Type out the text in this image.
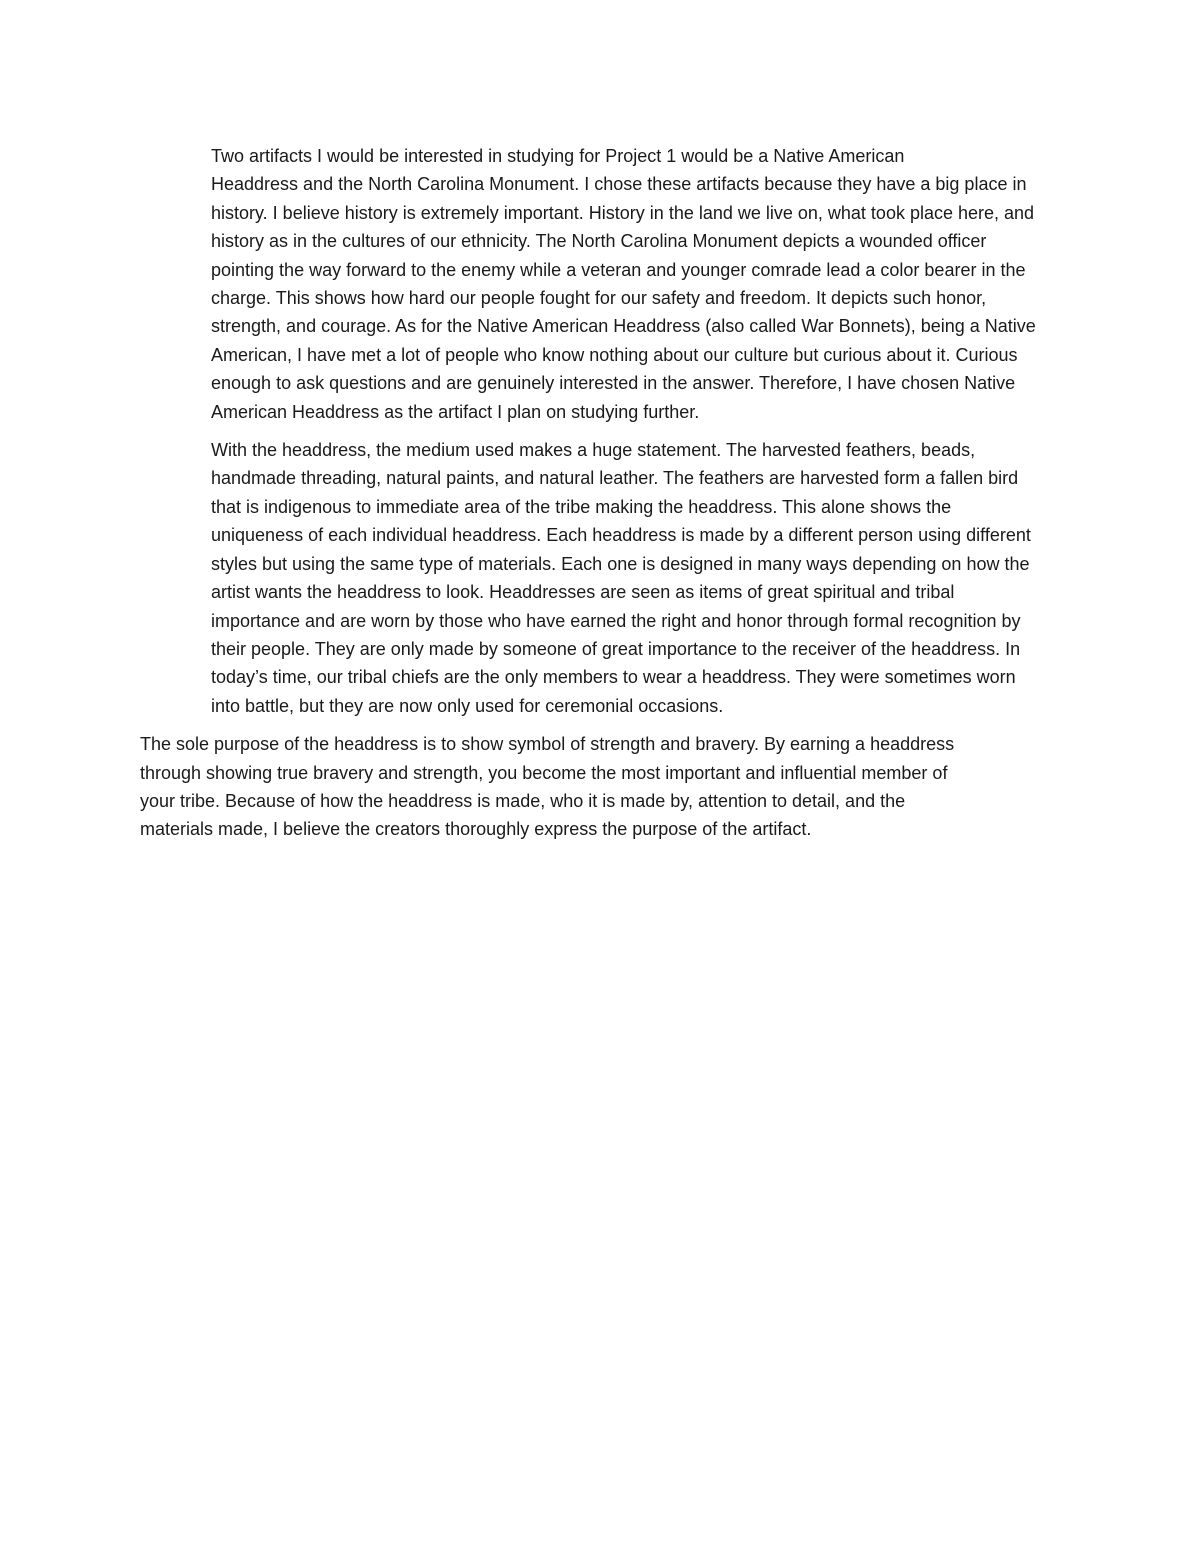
Two artifacts I would be interested in studying for Project 1 would be a Native American
Headdress and the North Carolina Monument. I chose these artifacts because they have a big place in
history. I believe history is extremely important. History in the land we live on, what took place here, and
history as in the cultures of our ethnicity. The North Carolina Monument depicts a wounded officer
pointing the way forward to the enemy while a veteran and younger comrade lead a color bearer in the
charge. This shows how hard our people fought for our safety and freedom. It depicts such honor,
strength, and courage. As for the Native American Headdress (also called War Bonnets), being a Native
American, I have met a lot of people who know nothing about our culture but curious about it. Curious
enough to ask questions and are genuinely interested in the answer. Therefore, I have chosen Native
American Headdress as the artifact I plan on studying further.

With the headdress, the medium used makes a huge statement. The harvested feathers, beads,
handmade threading, natural paints, and natural leather. The feathers are harvested form a fallen bird
that is indigenous to immediate area of the tribe making the headdress. This alone shows the
uniqueness of each individual headdress. Each headdress is made by a different person using different
styles but using the same type of materials. Each one is designed in many ways depending on how the
artist wants the headdress to look. Headdresses are seen as items of great spiritual and tribal
importance and are worn by those who have earned the right and honor through formal recognition by
their people. They are only made by someone of great importance to the receiver of the headdress. In
today’s time, our tribal chiefs are the only members to wear a headdress. They were sometimes worn
into battle, but they are now only used for ceremonial occasions.

The sole purpose of the headdress is to show symbol of strength and bravery. By earning a headdress
through showing true bravery and strength, you become the most important and influential member of
your tribe. Because of how the headdress is made, who it is made by, attention to detail, and the
materials made, I believe the creators thoroughly express the purpose of the artifact.
